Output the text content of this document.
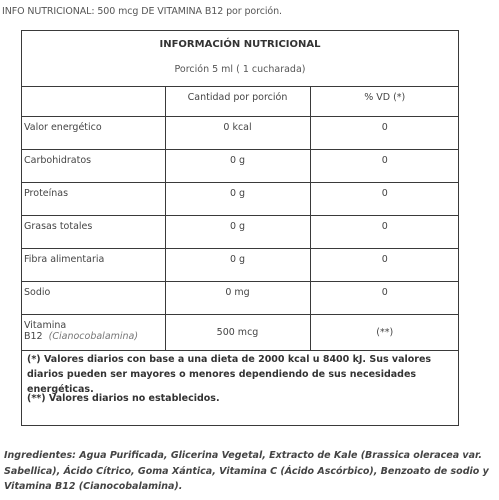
INFO NUTRICIONAL: 500 mcg DE VITAMINA B12 por porción.
INFORMACIÓN NUTRICIONAL
Porción 5 ml ( 1 cucharada)
	Cantidad por porción	% VD (*)
Valor energético	0 kcal	0
Carbohidratos	0 g	0
Proteínas	0 g	0
Grasas totales	0 g	0
Fibra alimentaria	0 g	0
Sodio	0 mg	0
Vitamina
B12 (Cianocobalamina)	500 mcg	(**)
(*) Valores diarios con base a una dieta de 2000 kcal u 8400 kJ. Sus valores diarios pueden ser mayores o menores dependiendo de sus necesidades energéticas.
(**) Valores diarios no establecidos.
Ingredientes: Agua Purificada, Glicerina Vegetal, Extracto de Kale (Brassica oleracea var. Sabellica), Ácido Cítrico, Goma Xántica, Vitamina C (Ácido Ascórbico), Benzoato de sodio y Vitamina B12 (Cianocobalamina).
